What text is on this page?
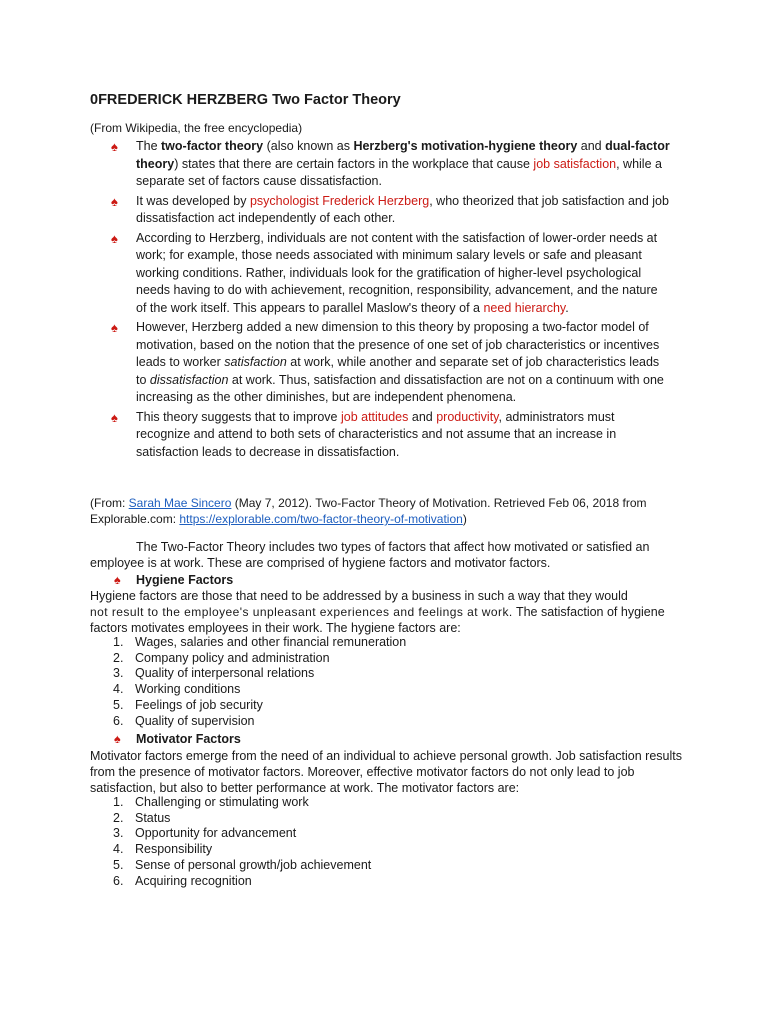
0FREDERICK HERZBERG Two Factor Theory

(From Wikipedia, the free encyclopedia)

♠ The two-factor theory (also known as Herzberg's motivation-hygiene theory and dual-factor theory) states that there are certain factors in the workplace that cause job satisfaction, while a separate set of factors cause dissatisfaction.
♠ It was developed by psychologist Frederick Herzberg, who theorized that job satisfaction and job dissatisfaction act independently of each other.
♠ According to Herzberg, individuals are not content with the satisfaction of lower-order needs at work; for example, those needs associated with minimum salary levels or safe and pleasant working conditions. Rather, individuals look for the gratification of higher-level psychological needs having to do with achievement, recognition, responsibility, advancement, and the nature of the work itself. This appears to parallel Maslow's theory of a need hierarchy.
♠ However, Herzberg added a new dimension to this theory by proposing a two-factor model of motivation, based on the notion that the presence of one set of job characteristics or incentives leads to worker satisfaction at work, while another and separate set of job characteristics leads to dissatisfaction at work. Thus, satisfaction and dissatisfaction are not on a continuum with one increasing as the other diminishes, but are independent phenomena.
♠ This theory suggests that to improve job attitudes and productivity, administrators must recognize and attend to both sets of characteristics and not assume that an increase in satisfaction leads to decrease in dissatisfaction.

(From: Sarah Mae Sincero (May 7, 2012). Two-Factor Theory of Motivation. Retrieved Feb 06, 2018 from Explorable.com: https://explorable.com/two-factor-theory-of-motivation)

The Two-Factor Theory includes two types of factors that affect how motivated or satisfied an employee is at work. These are comprised of hygiene factors and motivator factors.

♠ Hygiene Factors

Hygiene factors are those that need to be addressed by a business in such a way that they would
not result to the employee's unpleasant experiences and feelings at work. The satisfaction of hygiene factors motivates employees in their work. The hygiene factors are:

1. Wages, salaries and other financial remuneration
2. Company policy and administration
3. Quality of interpersonal relations
4. Working conditions
5. Feelings of job security
6. Quality of supervision
♠ Motivator Factors

Motivator factors emerge from the need of an individual to achieve personal growth. Job satisfaction results from the presence of motivator factors. Moreover, effective motivator factors do not only lead to job satisfaction, but also to better performance at work. The motivator factors are:

1. Challenging or stimulating work
2. Status
3. Opportunity for advancement
4. Responsibility
5. Sense of personal growth/job achievement
6. Acquiring recognition
